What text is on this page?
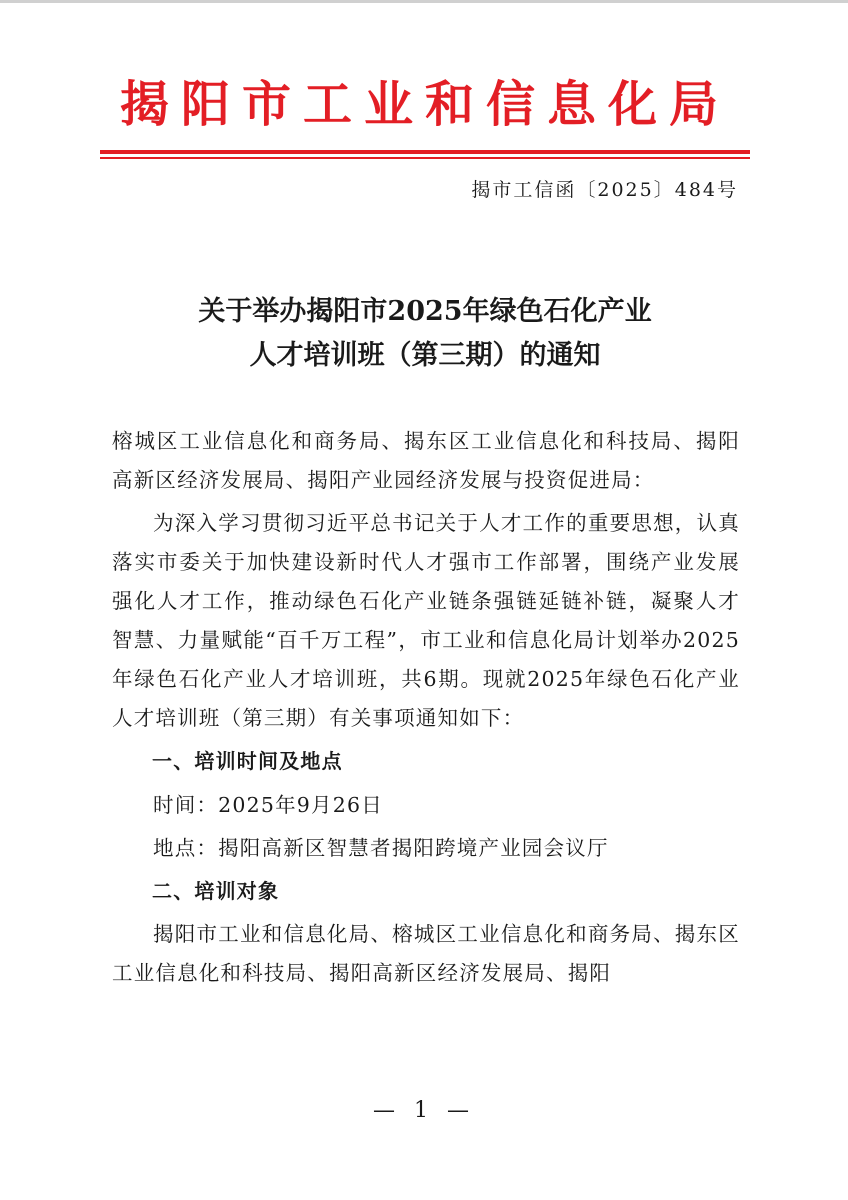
揭阳市工业和信息化局
揭市工信函〔2025〕484号
关于举办揭阳市2025年绿色石化产业
人才培训班（第三期）的通知

榕城区工业信息化和商务局、揭东区工业信息化和科技局、揭阳高新区经济发展局、揭阳产业园经济发展与投资促进局：

为深入学习贯彻习近平总书记关于人才工作的重要思想，认真落实市委关于加快建设新时代人才强市工作部署，围绕产业发展强化人才工作，推动绿色石化产业链条强链延链补链，凝聚人才智慧、力量赋能“百千万工程”，市工业和信息化局计划举办2025年绿色石化产业人才培训班，共6期。现就2025年绿色石化产业人才培训班（第三期）有关事项通知如下：

一、培训时间及地点

时间：2025年9月26日

地点：揭阳高新区智慧者揭阳跨境产业园会议厅

二、培训对象

揭阳市工业和信息化局、榕城区工业信息化和商务局、揭东区工业信息化和科技局、揭阳高新区经济发展局、揭阳

— 1 —
